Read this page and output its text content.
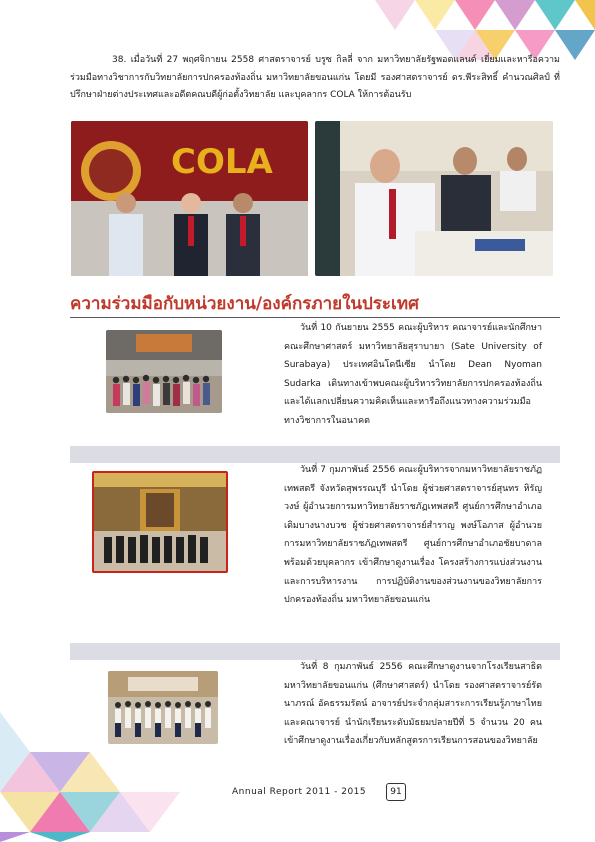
38. เมื่อวันที่ 27 พฤศจิกายน 2558 ศาสตราจารย์ บรูซ กิลลี่ จาก มหาวิทยาลัยรัฐพอตแลนด์ เยี่ยมและหารือความร่วมมือทางวิชาการกับวิทยาลัยการปกครองท้องถิ่น มหาวิทยาลัยขอนแก่น โดยมี รองศาสตราจารย์ ดร.พีระสิทธิ์ คำนวณศิลป์ ที่ปรึกษาฝ่ายต่างประเทศและอดีตคณบดีผู้ก่อตั้งวิทยาลัย และบุคลากร COLA ให้การต้อนรับ

COLA
ความร่วมมือกับหน่วยงาน/องค์กรภายในประเทศ

วันที่ 10 กันยายน 2555 คณะผู้บริหาร คณาจารย์และนักศึกษาคณะศึกษาศาสตร์ มหาวิทยาลัยสุราบายา (Sate University of Surabaya) ประเทศอินโดนีเซีย นำโดย Dean Nyoman Sudarka เดินทางเข้าพบคณะผู้บริหารวิทยาลัยการปกครองท้องถิ่น และได้แลกเปลี่ยนความคิดเห็นและหารือถึงแนวทางความร่วมมือทางวิชาการในอนาคต

วันที่ 7 กุมภาพันธ์ 2556 คณะผู้บริหารจากมหาวิทยาลัยราชภัฏเทพสตรี จังหวัดสุพรรณบุรี นำโดย ผู้ช่วยศาสตราจารย์สุนทร หิรัญวงษ์ ผู้อำนวยการมหาวิทยาลัยราชภัฏเทพสตรี ศูนย์การศึกษาอำเภอเดิมบางนางบวช ผู้ช่วยศาสตราจารย์สำราญ พงษ์โอภาส ผู้อำนวยการมหาวิทยาลัยราชภัฏเทพสตรี ศูนย์การศึกษาอำเภอชัยบาดาล พร้อมด้วยบุคลากร เข้าศึกษาดูงานเรื่อง โครงสร้างการแบ่งส่วนงานและการบริหารงาน การปฏิบัติงานของส่วนงานของวิทยาลัยการปกครองท้องถิ่น มหาวิทยาลัยขอนแก่น

วันที่ 8 กุมภาพันธ์ 2556 คณะศึกษาดูงานจากโรงเรียนสาธิตมหาวิทยาลัยขอนแก่น (ศึกษาศาสตร์) นำโดย รองศาสตราจารย์รัตนาภรณ์ อัคธรรมรัตน์ อาจารย์ประจำกลุ่มสาระการเรียนรู้ภาษาไทย และคณาจารย์ นำนักเรียนระดับมัธยมปลายปีที่ 5 จำนวน 20 คน เข้าศึกษาดูงานเรื่องเกี่ยวกับหลักสูตรการเรียนการสอนของวิทยาลัย

Annual Report 2011 - 2015	91
